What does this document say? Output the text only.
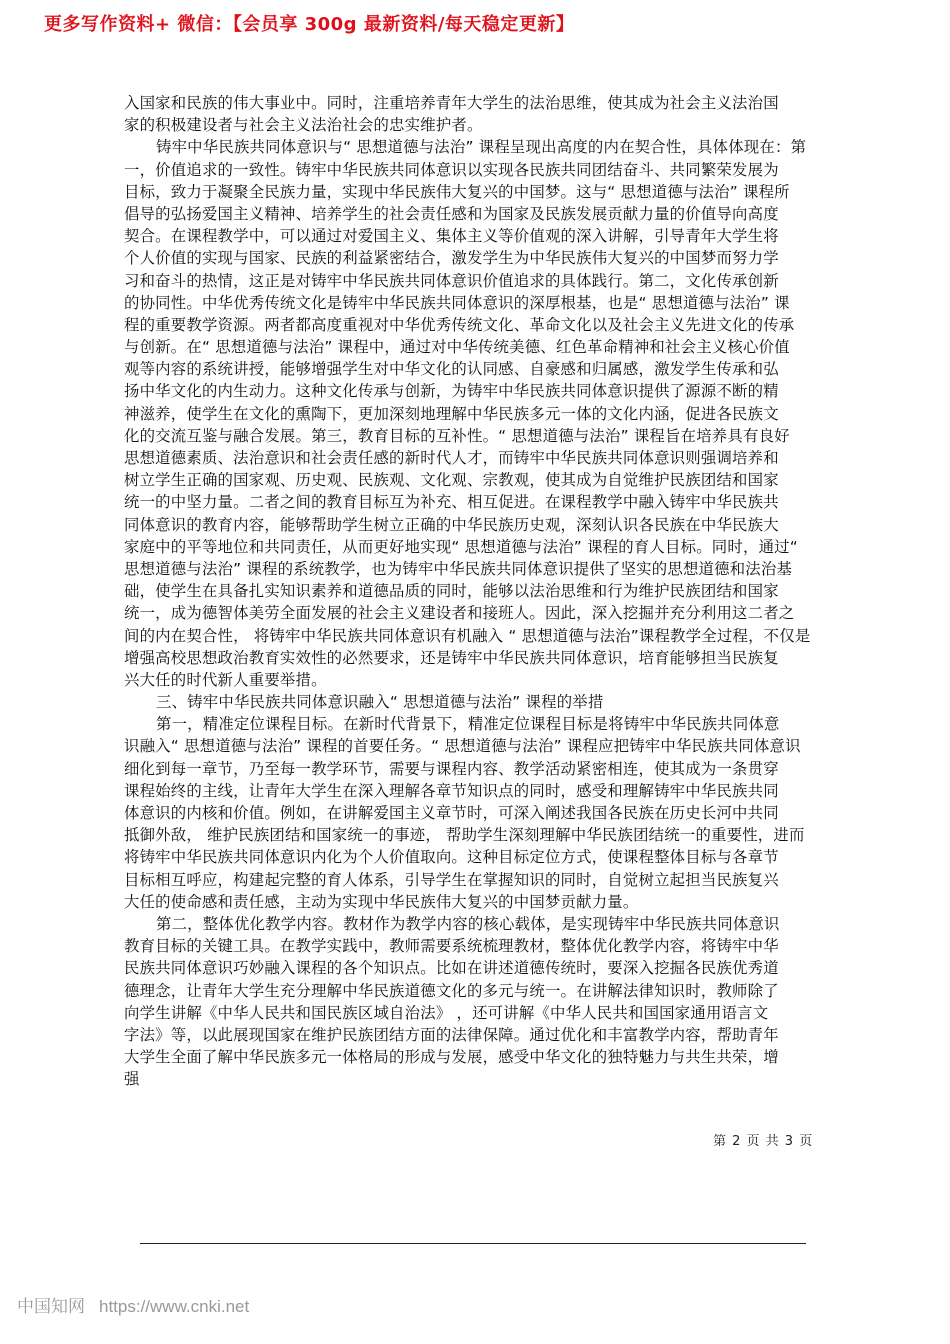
更多写作资料+ 微信：【会员享 300g 最新资料/每天稳定更新】
入国家和民族的伟大事业中。同时，注重培养青年大学生的法治思维，使其成为社会主义法治国
家的积极建设者与社会主义法治社会的忠实维护者。
铸牢中华民族共同体意识与“ 思想道德与法治” 课程呈现出高度的内在契合性，具体体现在：第
一，价值追求的一致性。铸牢中华民族共同体意识以实现各民族共同团结奋斗、共同繁荣发展为
目标，致力于凝聚全民族力量，实现中华民族伟大复兴的中国梦。这与“ 思想道德与法治” 课程所
倡导的弘扬爱国主义精神、培养学生的社会责任感和为国家及民族发展贡献力量的价值导向高度
契合。在课程教学中，可以通过对爱国主义、集体主义等价值观的深入讲解，引导青年大学生将
个人价值的实现与国家、民族的利益紧密结合，激发学生为中华民族伟大复兴的中国梦而努力学
习和奋斗的热情，这正是对铸牢中华民族共同体意识价值追求的具体践行。第二，文化传承创新
的协同性。中华优秀传统文化是铸牢中华民族共同体意识的深厚根基，也是“ 思想道德与法治” 课
程的重要教学资源。两者都高度重视对中华优秀传统文化、革命文化以及社会主义先进文化的传承
与创新。在“ 思想道德与法治” 课程中，通过对中华传统美德、红色革命精神和社会主义核心价值
观等内容的系统讲授，能够增强学生对中华文化的认同感、自豪感和归属感，激发学生传承和弘
扬中华文化的内生动力。这种文化传承与创新，为铸牢中华民族共同体意识提供了源源不断的精
神滋养，使学生在文化的熏陶下，更加深刻地理解中华民族多元一体的文化内涵，促进各民族文
化的交流互鉴与融合发展。第三，教育目标的互补性。“ 思想道德与法治” 课程旨在培养具有良好
思想道德素质、法治意识和社会责任感的新时代人才，而铸牢中华民族共同体意识则强调培养和
树立学生正确的国家观、历史观、民族观、文化观、宗教观，使其成为自觉维护民族团结和国家
统一的中坚力量。二者之间的教育目标互为补充、相互促进。在课程教学中融入铸牢中华民族共
同体意识的教育内容，能够帮助学生树立正确的中华民族历史观，深刻认识各民族在中华民族大
家庭中的平等地位和共同责任，从而更好地实现“ 思想道德与法治” 课程的育人目标。同时，通过“
思想道德与法治” 课程的系统教学，也为铸牢中华民族共同体意识提供了坚实的思想道德和法治基
础，使学生在具备扎实知识素养和道德品质的同时，能够以法治思维和行为维护民族团结和国家
统一，成为德智体美劳全面发展的社会主义建设者和接班人。因此，深入挖掘并充分利用这二者之
间的内在契合性， 将铸牢中华民族共同体意识有机融入 “ 思想道德与法治”课程教学全过程，不仅是
增强高校思想政治教育实效性的必然要求，还是铸牢中华民族共同体意识，培育能够担当民族复
兴大任的时代新人重要举措。
三、铸牢中华民族共同体意识融入“ 思想道德与法治” 课程的举措
第一，精准定位课程目标。在新时代背景下，精准定位课程目标是将铸牢中华民族共同体意
识融入“ 思想道德与法治” 课程的首要任务。“ 思想道德与法治” 课程应把铸牢中华民族共同体意识
细化到每一章节，乃至每一教学环节，需要与课程内容、教学活动紧密相连，使其成为一条贯穿
课程始终的主线，让青年大学生在深入理解各章节知识点的同时，感受和理解铸牢中华民族共同
体意识的内核和价值。例如，在讲解爱国主义章节时，可深入阐述我国各民族在历史长河中共同
抵御外敌， 维护民族团结和国家统一的事迹， 帮助学生深刻理解中华民族团结统一的重要性，进而
将铸牢中华民族共同体意识内化为个人价值取向。这种目标定位方式，使课程整体目标与各章节
目标相互呼应，构建起完整的育人体系，引导学生在掌握知识的同时，自觉树立起担当民族复兴
大任的使命感和责任感，主动为实现中华民族伟大复兴的中国梦贡献力量。
第二，整体优化教学内容。教材作为教学内容的核心载体，是实现铸牢中华民族共同体意识
教育目标的关键工具。在教学实践中，教师需要系统梳理教材，整体优化教学内容，将铸牢中华
民族共同体意识巧妙融入课程的各个知识点。比如在讲述道德传统时，要深入挖掘各民族优秀道
德理念，让青年大学生充分理解中华民族道德文化的多元与统一。在讲解法律知识时，教师除了
向学生讲解《中华人民共和国民族区域自治法》 ，还可讲解《中华人民共和国国家通用语言文
字法》等，以此展现国家在维护民族团结方面的法律保障。通过优化和丰富教学内容，帮助青年
大学生全面了解中华民族多元一体格局的形成与发展，感受中华文化的独特魅力与共生共荣，增
强
第 2 页 共 3 页
中国知网 https://www.cnki.net
